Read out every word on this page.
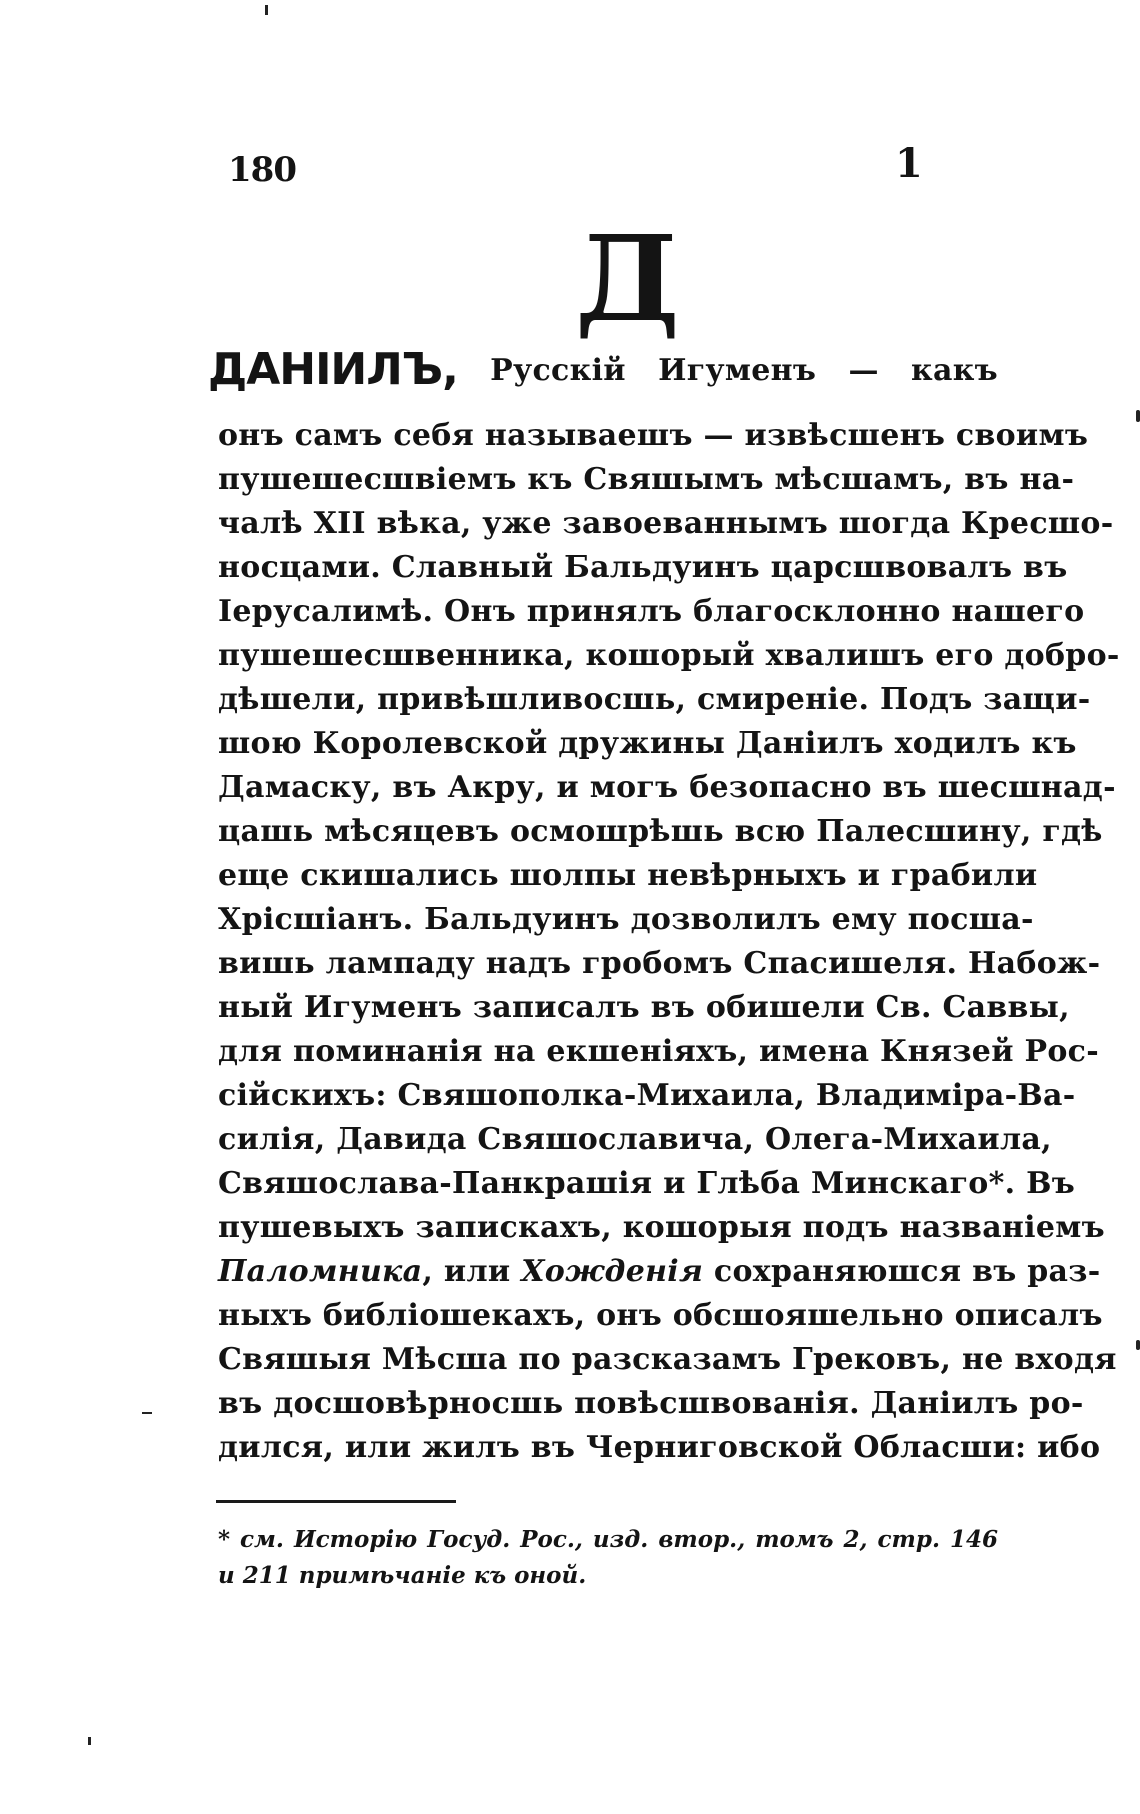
180	1
Д
ДАНІИЛЪ, Русскій Игуменъ — какъ
онъ самъ себя называешъ — извѣсшенъ своимъ
пушешесшвіемъ къ Свяшымъ мѣсшамъ, въ на-
чалѣ XII вѣка, уже завоеваннымъ шогда Кресшо-
носцами. Славный Бальдуинъ царсшвовалъ въ
Іерусалимѣ. Онъ принялъ благосклонно нашего
пушешесшвенника, кошорый хвалишъ его добро-
дѣшели, привѣшливосшь, смиреніе. Подъ защи-
шою Королевской дружины Даніилъ ходилъ къ
Дамаску, въ Акру, и могъ безопасно въ шесшнад-
цашь мѣсяцевъ осмошрѣшь всю Палесшину, гдѣ
еще скишались шолпы невѣрныхъ и грабили
Хрісшіанъ. Бальдуинъ дозволилъ ему посша-
вишь лампаду надъ гробомъ Спасишеля. Набож-
ный Игуменъ записалъ въ обишели Св. Саввы,
для поминанія на екшеніяхъ, имена Князей Рос-
сійскихъ: Свяшополка-Михаила, Владиміра-Ва-
силія, Давида Свяшославича, Олега-Михаила,
Свяшослава-Панкрашія и Глѣба Минскаго*. Въ
пушевыхъ запискахъ, кошорыя подъ названіемъ
Паломника, или Хожденія сохраняюшся въ раз-
ныхъ библіошекахъ, онъ обсшояшельно описалъ
Свяшыя Мѣсша по разсказамъ Грековъ, не входя
въ досшовѣрносшь повѣсшвованія. Даніилъ ро-
дился, или жилъ въ Черниговской Обласши: ибо
* см. Исторію Госуд. Рос., изд. втор., томъ 2, стр. 146
и 211 примѣчаніе къ оной.
